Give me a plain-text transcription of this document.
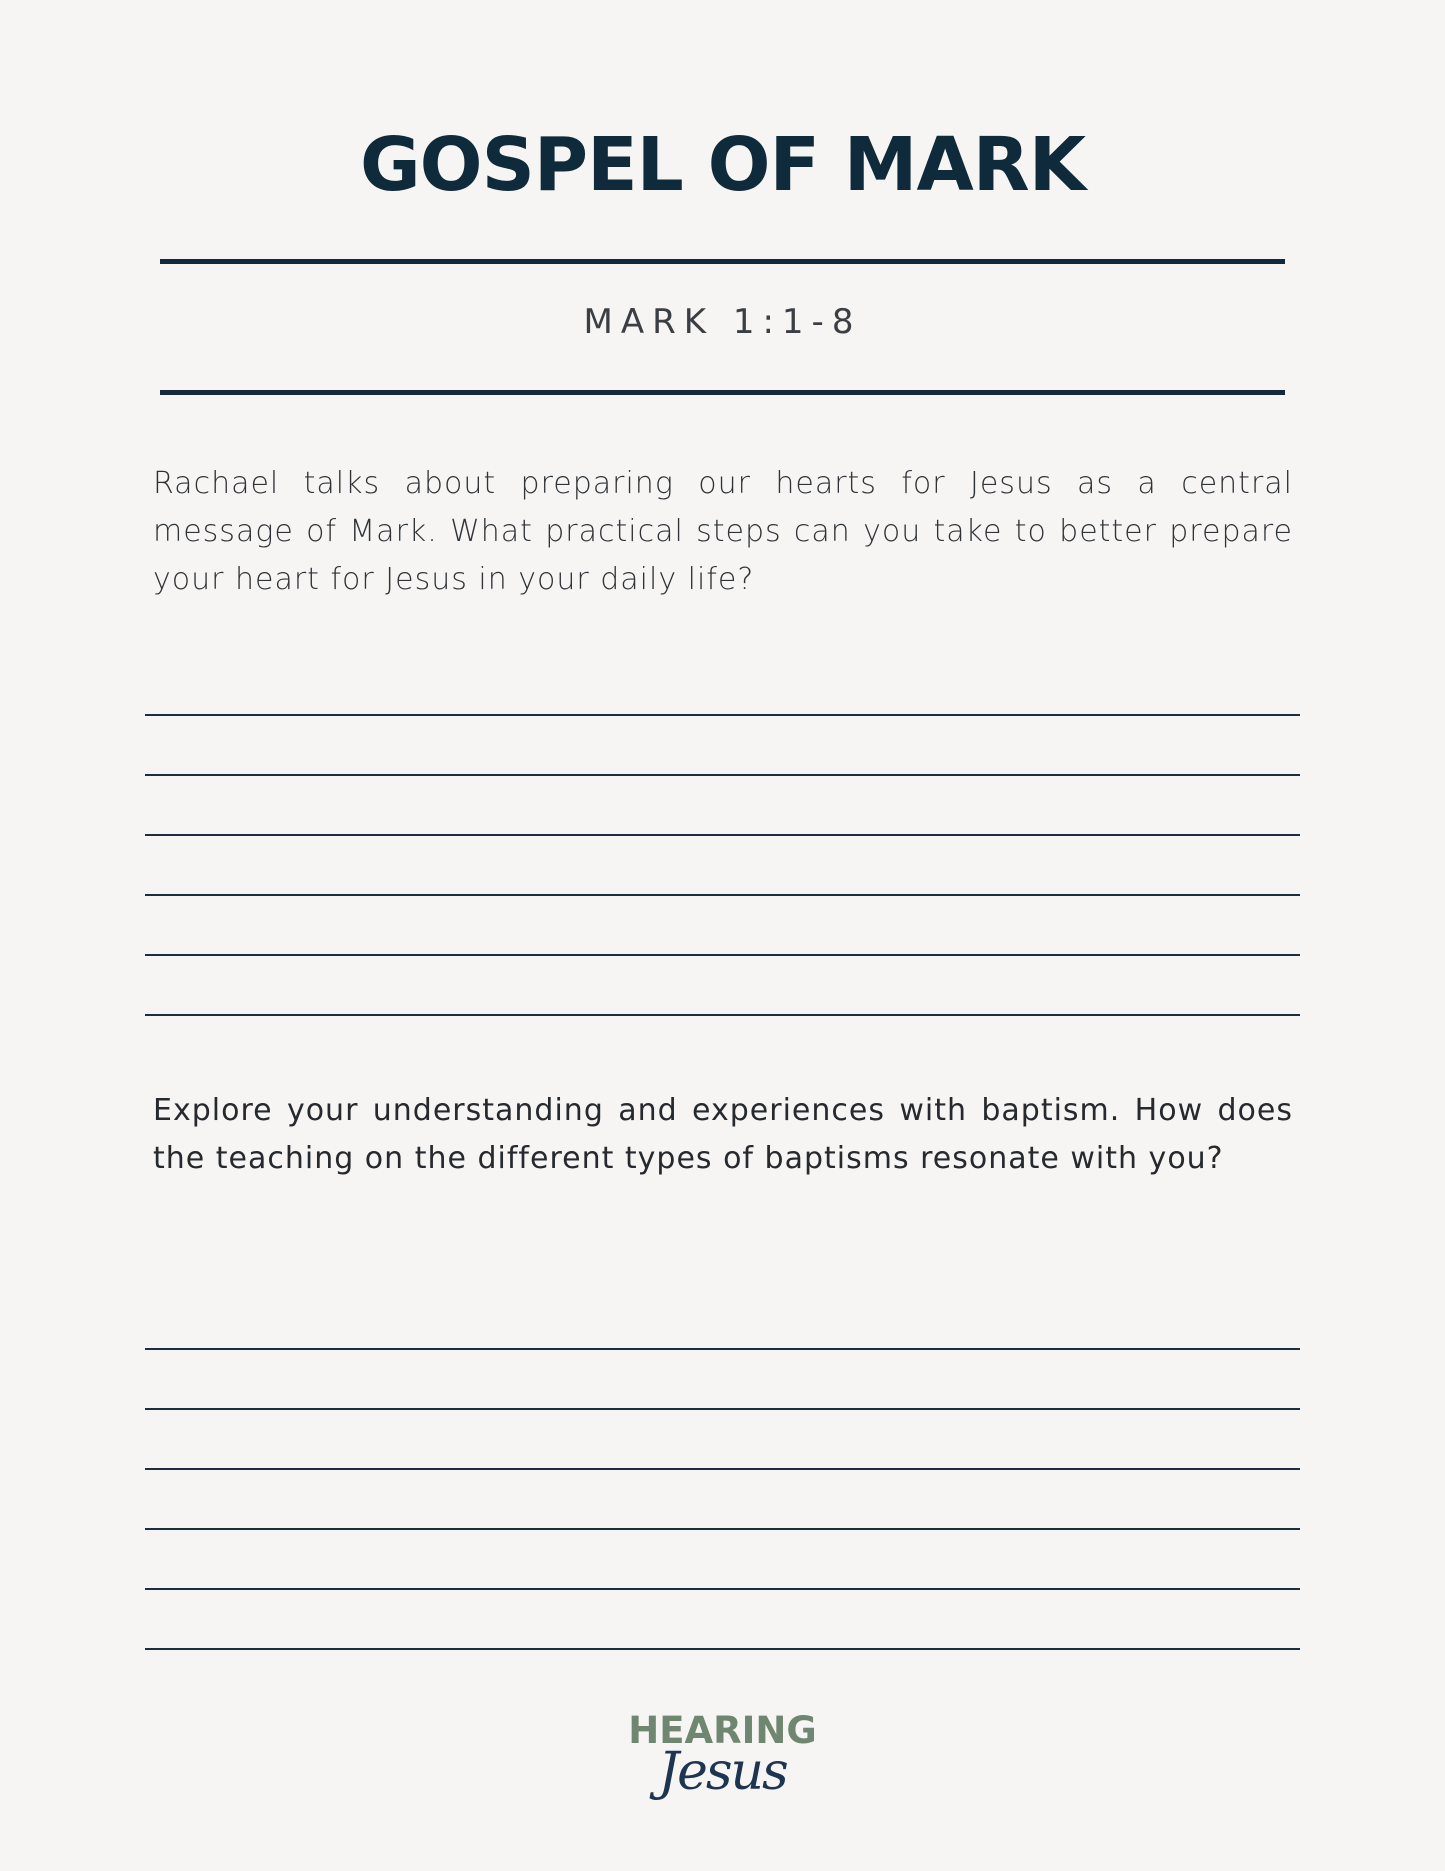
GOSPEL OF MARK
MARK 1:1-8
Rachael talks about preparing our hearts for Jesus as a central message of Mark. What practical steps can you take to better prepare your heart for Jesus in your daily life?
Explore your understanding and experiences with baptism. How does the teaching on the different types of baptisms resonate with you?
HEARING
Jesus
